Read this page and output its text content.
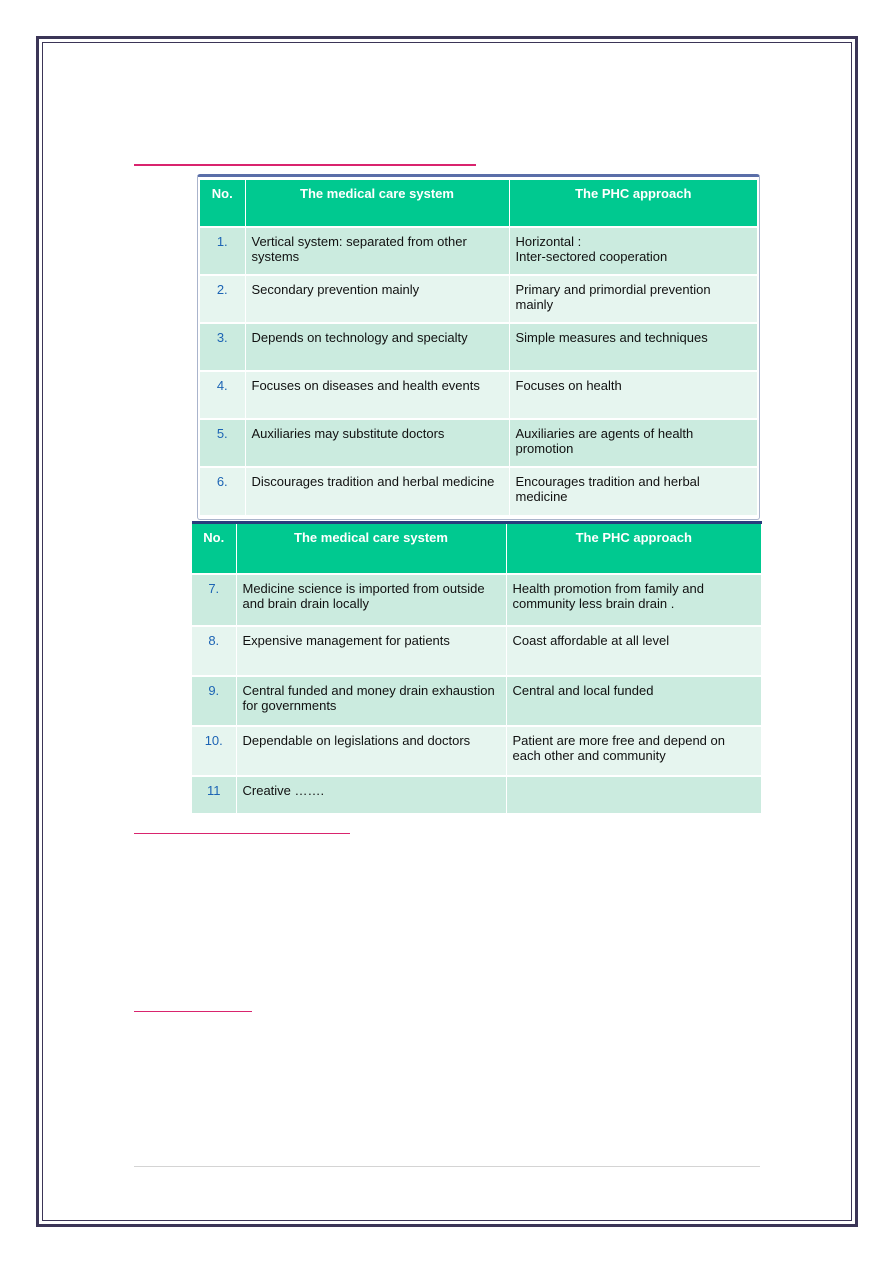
No.	The medical care system	The PHC approach
1.	Vertical system: separated from other systems	Horizontal :
Inter-sectored cooperation
2.	Secondary prevention mainly	Primary and primordial prevention mainly
3.	Depends on technology and specialty	Simple measures and techniques
4.	Focuses on diseases and health events	Focuses on health
5.	Auxiliaries may substitute doctors	Auxiliaries are agents of health promotion
6.	Discourages tradition and herbal medicine	Encourages tradition and herbal medicine
No.	The medical care system	The PHC approach
7.	Medicine science is imported from outside and brain drain locally	Health promotion from family and community less brain drain .
8.	Expensive management for patients	Coast affordable at all level
9.	Central funded and money drain exhaustion for governments	Central and local funded
10.	Dependable on legislations and doctors	Patient are more free and depend on each other and community
11	Creative …….	
